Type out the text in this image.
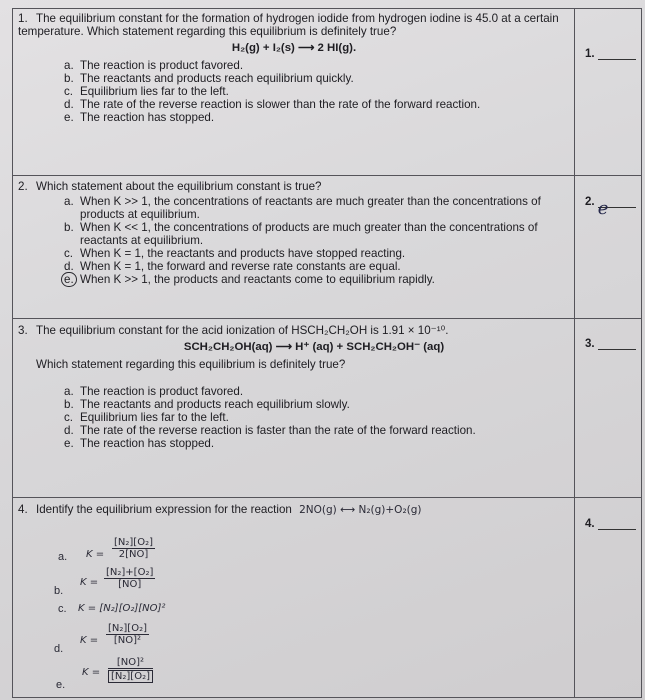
1. The equilibrium constant for the formation of hydrogen iodide from hydrogen iodine is 45.0 at a certain temperature. Which statement regarding this equilibrium is definitely true?
H₂(g) + I₂(s) ⟶ 2 HI(g).
a. The reaction is product favored.
b. The reactants and products reach equilibrium quickly.
c. Equilibrium lies far to the left.
d. The rate of the reverse reaction is slower than the rate of the forward reaction.
e. The reaction has stopped.
1.
2. Which statement about the equilibrium constant is true?
a. When K >> 1, the concentrations of reactants are much greater than the concentrations of products at equilibrium.
b. When K << 1, the concentrations of products are much greater than the concentrations of reactants at equilibrium.
c. When K = 1, the reactants and products have stopped reacting.
d. When K = 1, the forward and reverse rate constants are equal.
e. When K >> 1, the products and reactants come to equilibrium rapidly.
2. e
3. The equilibrium constant for the acid ionization of HSCH₂CH₂OH is 1.91 × 10⁻¹⁰.
SCH₂CH₂OH(aq) ⟶ H⁺ (aq) + SCH₂CH₂OH⁻ (aq)
Which statement regarding this equilibrium is definitely true?
a. The reaction is product favored.
b. The reactants and products reach equilibrium slowly.
c. Equilibrium lies far to the left.
d. The rate of the reverse reaction is faster than the rate of the forward reaction.
e. The reaction has stopped.
3.
4. Identify the equilibrium expression for the reaction 2NO(g) ⟷ N₂(g)+O₂(g)
4.
a. $K = \frac{\text{[N₂][O₂]}}{2[NO]}$
b.
$K = \frac{\text{[N₂]+[O₂]}}{[NO]}$
c. K = [N₂][O₂][NO]²
d.
$K = \frac{\text{[N₂][O₂]}}{\text{[NO]²}}$
e.
$K = \frac{\text{[NO]²}}{\text{[N₂][O₂]}}$
